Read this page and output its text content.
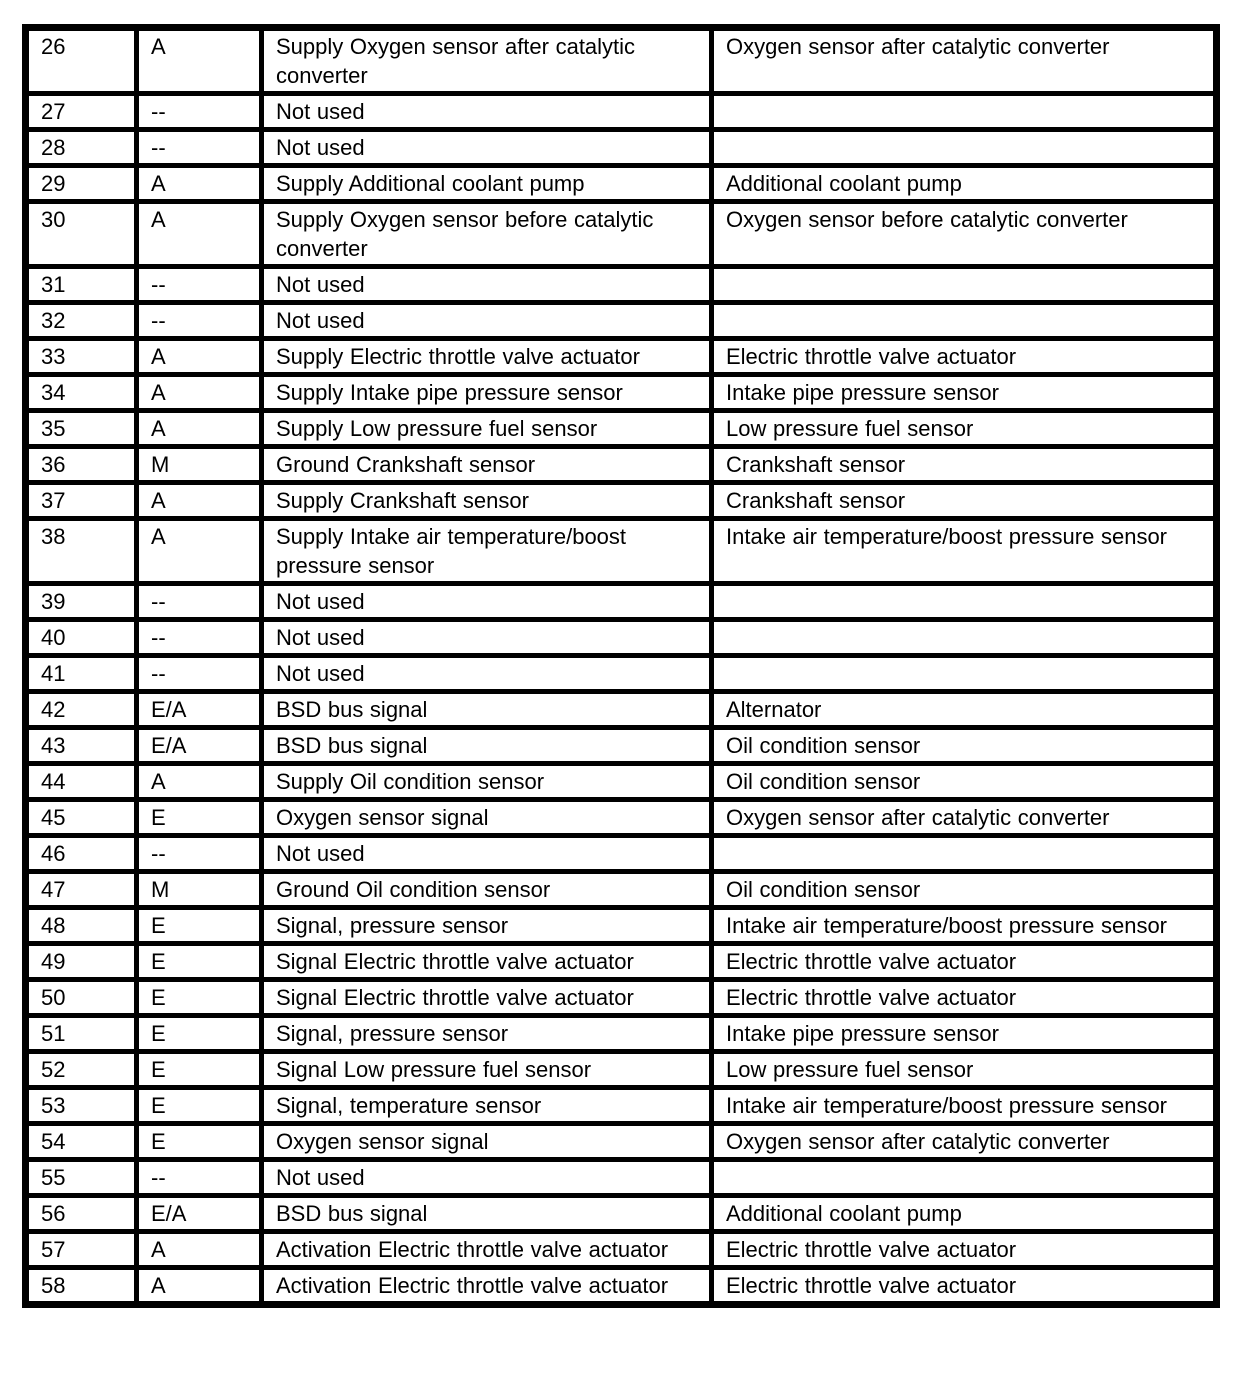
26	A	Supply Oxygen sensor after catalytic converter	Oxygen sensor after catalytic converter
27	--	Not used	
28	--	Not used	
29	A	Supply Additional coolant pump	Additional coolant pump
30	A	Supply Oxygen sensor before catalytic converter	Oxygen sensor before catalytic converter
31	--	Not used	
32	--	Not used	
33	A	Supply Electric throttle valve actuator	Electric throttle valve actuator
34	A	Supply Intake pipe pressure sensor	Intake pipe pressure sensor
35	A	Supply Low pressure fuel sensor	Low pressure fuel sensor
36	M	Ground Crankshaft sensor	Crankshaft sensor
37	A	Supply Crankshaft sensor	Crankshaft sensor
38	A	Supply Intake air temperature/boost pressure sensor	Intake air temperature/boost pressure sensor
39	--	Not used	
40	--	Not used	
41	--	Not used	
42	E/A	BSD bus signal	Alternator
43	E/A	BSD bus signal	Oil condition sensor
44	A	Supply Oil condition sensor	Oil condition sensor
45	E	Oxygen sensor signal	Oxygen sensor after catalytic converter
46	--	Not used	
47	M	Ground Oil condition sensor	Oil condition sensor
48	E	Signal, pressure sensor	Intake air temperature/boost pressure sensor
49	E	Signal Electric throttle valve actuator	Electric throttle valve actuator
50	E	Signal Electric throttle valve actuator	Electric throttle valve actuator
51	E	Signal, pressure sensor	Intake pipe pressure sensor
52	E	Signal Low pressure fuel sensor	Low pressure fuel sensor
53	E	Signal, temperature sensor	Intake air temperature/boost pressure sensor
54	E	Oxygen sensor signal	Oxygen sensor after catalytic converter
55	--	Not used	
56	E/A	BSD bus signal	Additional coolant pump
57	A	Activation Electric throttle valve actuator	Electric throttle valve actuator
58	A	Activation Electric throttle valve actuator	Electric throttle valve actuator
